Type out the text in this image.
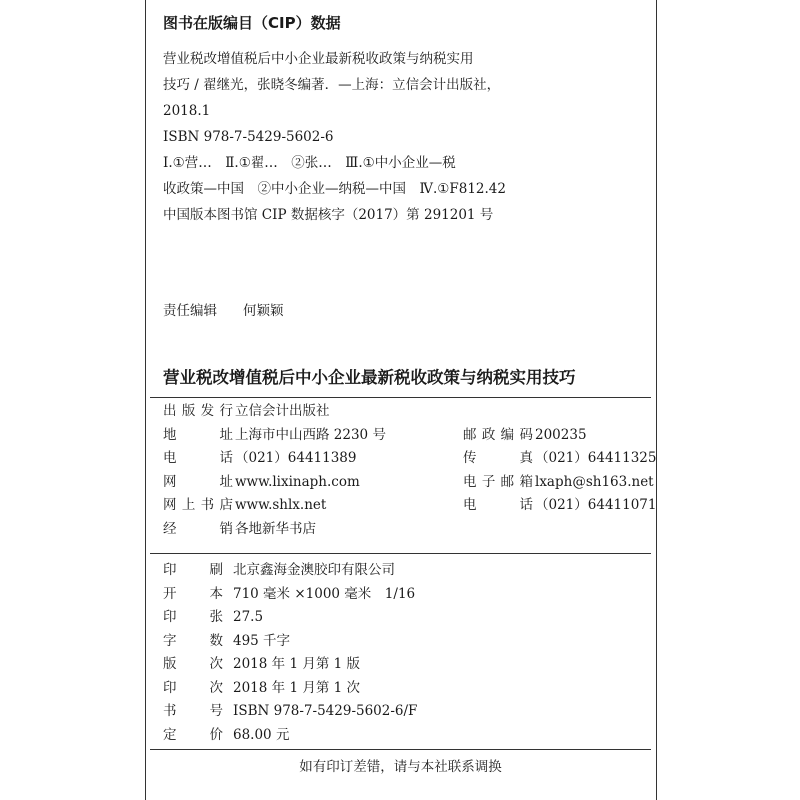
图书在版编目（CIP）数据
营业税改增值税后中小企业最新税收政策与纳税实用
技巧 / 翟继光，张晓冬编著．—上海：立信会计出版社，
2018.1
ISBN 978-7-5429-5602-6
Ⅰ.①营…　Ⅱ.①翟…　②张…　Ⅲ.①中小企业—税
收政策—中国　②中小企业—纳税—中国　Ⅳ.①F812.42
中国版本图书馆 CIP 数据核字（2017）第 291201 号
责任编辑 何颖颖
营业税改增值税后中小企业最新税收政策与纳税实用技巧
出版发行 立信会计出版社
地址 上海市中山西路 2230 号	邮政编码 200235
电话 （021）64411389	传真 （021）64411325
网址 www.lixinaph.com	电子邮箱 lxaph@sh163.net
网上书店 www.shlx.net	电话 （021）64411071
经销 各地新华书店
印刷 北京鑫海金澳胶印有限公司
开本 710 毫米 ×1000 毫米　1/16
印张 27.5
字数 495 千字
版次 2018 年 1 月第 1 版
印次 2018 年 1 月第 1 次
书号 ISBN 978-7-5429-5602-6/F
定价 68.00 元
如有印订差错，请与本社联系调换
